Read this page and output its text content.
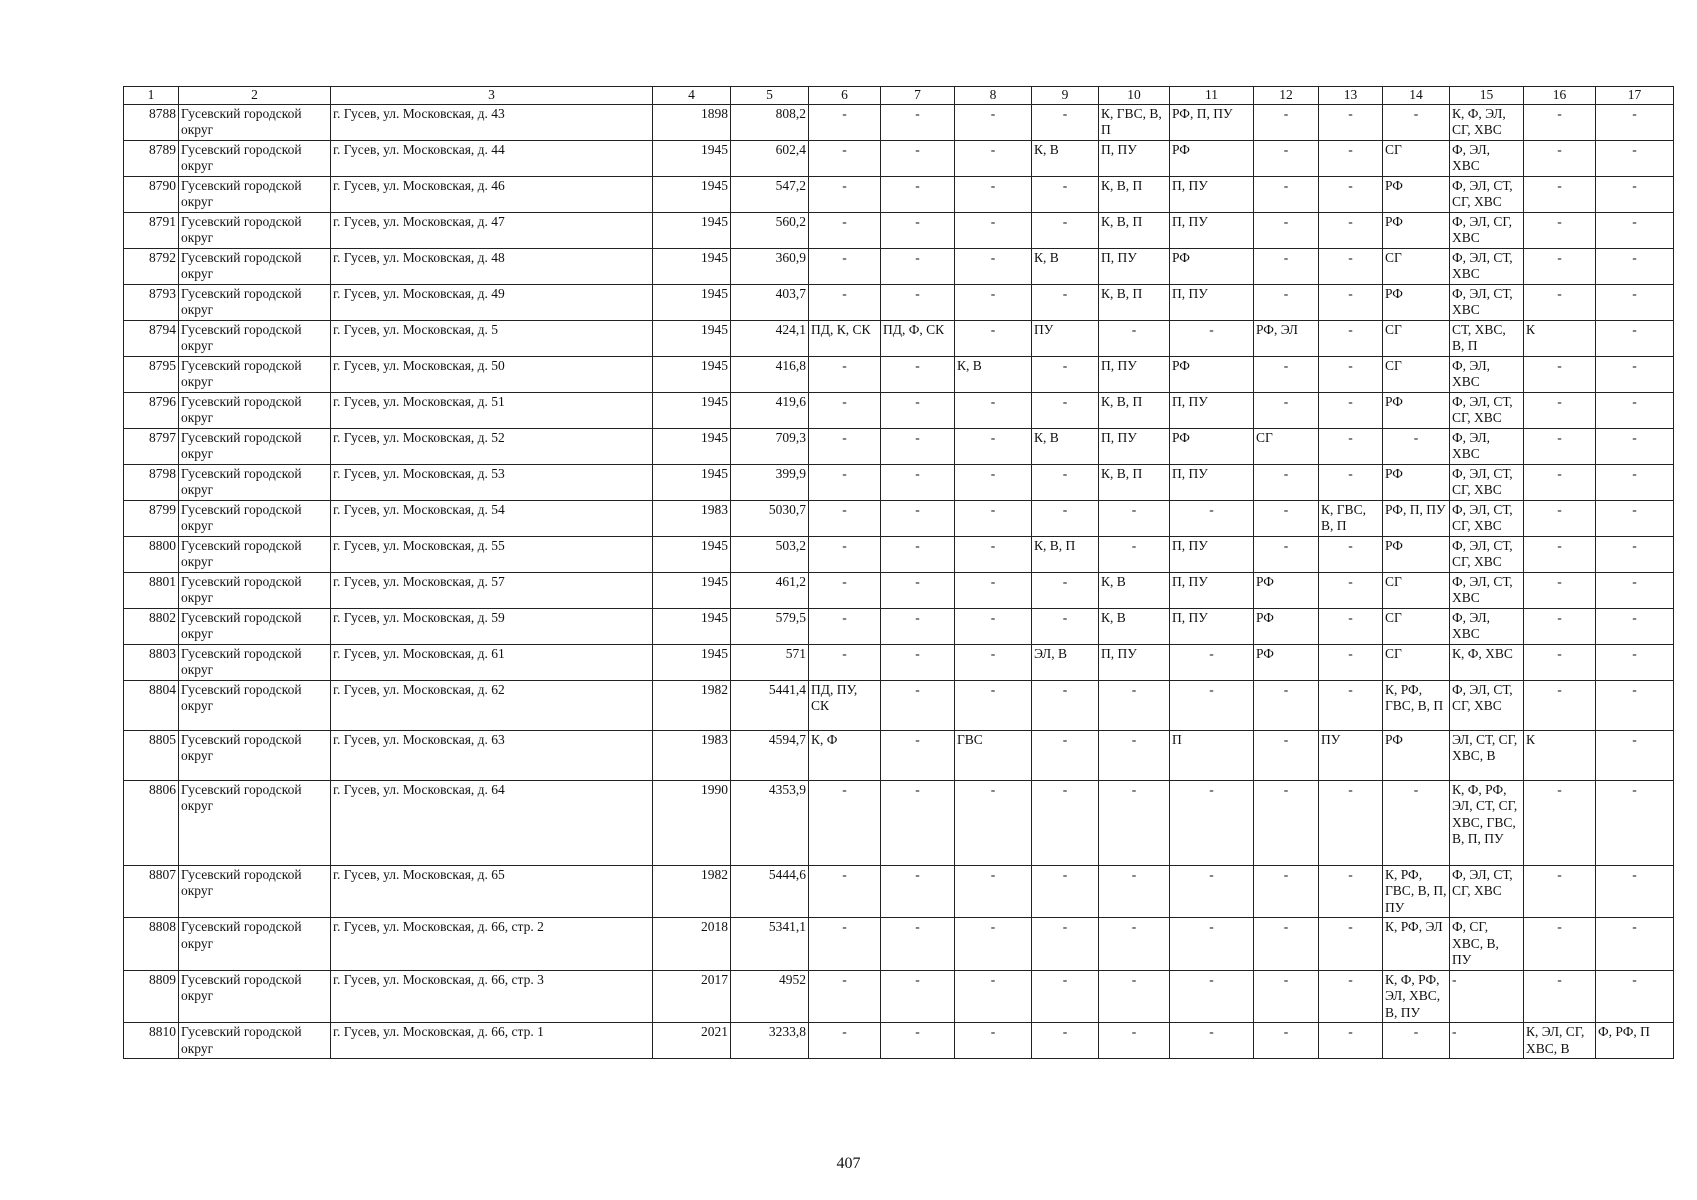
1	2	3	4	5	6	7	8	9	10	11	12	13	14	15	16	17
8788	Гусевский городской округ	г. Гусев, ул. Московская, д. 43	1898	808,2	-	-	-	-	К, ГВС, В, П	РФ, П, ПУ	-	-	-	К, Ф, ЭЛ, СГ, ХВС	-	-
8789	Гусевский городской округ	г. Гусев, ул. Московская, д. 44	1945	602,4	-	-	-	К, В	П, ПУ	РФ	-	-	СГ	Ф, ЭЛ, ХВС	-	-
8790	Гусевский городской округ	г. Гусев, ул. Московская, д. 46	1945	547,2	-	-	-	-	К, В, П	П, ПУ	-	-	РФ	Ф, ЭЛ, СТ, СГ, ХВС	-	-
8791	Гусевский городской округ	г. Гусев, ул. Московская, д. 47	1945	560,2	-	-	-	-	К, В, П	П, ПУ	-	-	РФ	Ф, ЭЛ, СГ, ХВС	-	-
8792	Гусевский городской округ	г. Гусев, ул. Московская, д. 48	1945	360,9	-	-	-	К, В	П, ПУ	РФ	-	-	СГ	Ф, ЭЛ, СТ, ХВС	-	-
8793	Гусевский городской округ	г. Гусев, ул. Московская, д. 49	1945	403,7	-	-	-	-	К, В, П	П, ПУ	-	-	РФ	Ф, ЭЛ, СТ, ХВС	-	-
8794	Гусевский городской округ	г. Гусев, ул. Московская, д. 5	1945	424,1	ПД, К, СК	ПД, Ф, СК	-	ПУ	-	-	РФ, ЭЛ	-	СГ	СТ, ХВС, В, П	К	-
8795	Гусевский городской округ	г. Гусев, ул. Московская, д. 50	1945	416,8	-	-	К, В	-	П, ПУ	РФ	-	-	СГ	Ф, ЭЛ, ХВС	-	-
8796	Гусевский городской округ	г. Гусев, ул. Московская, д. 51	1945	419,6	-	-	-	-	К, В, П	П, ПУ	-	-	РФ	Ф, ЭЛ, СТ, СГ, ХВС	-	-
8797	Гусевский городской округ	г. Гусев, ул. Московская, д. 52	1945	709,3	-	-	-	К, В	П, ПУ	РФ	СГ	-	-	Ф, ЭЛ, ХВС	-	-
8798	Гусевский городской округ	г. Гусев, ул. Московская, д. 53	1945	399,9	-	-	-	-	К, В, П	П, ПУ	-	-	РФ	Ф, ЭЛ, СТ, СГ, ХВС	-	-
8799	Гусевский городской округ	г. Гусев, ул. Московская, д. 54	1983	5030,7	-	-	-	-	-	-	-	К, ГВС, В, П	РФ, П, ПУ	Ф, ЭЛ, СТ, СГ, ХВС	-	-
8800	Гусевский городской округ	г. Гусев, ул. Московская, д. 55	1945	503,2	-	-	-	К, В, П	-	П, ПУ	-	-	РФ	Ф, ЭЛ, СТ, СГ, ХВС	-	-
8801	Гусевский городской округ	г. Гусев, ул. Московская, д. 57	1945	461,2	-	-	-	-	К, В	П, ПУ	РФ	-	СГ	Ф, ЭЛ, СТ, ХВС	-	-
8802	Гусевский городской округ	г. Гусев, ул. Московская, д. 59	1945	579,5	-	-	-	-	К, В	П, ПУ	РФ	-	СГ	Ф, ЭЛ, ХВС	-	-
8803	Гусевский городской округ	г. Гусев, ул. Московская, д. 61	1945	571	-	-	-	ЭЛ, В	П, ПУ	-	РФ	-	СГ	К, Ф, ХВС	-	-
8804	Гусевский городской округ	г. Гусев, ул. Московская, д. 62	1982	5441,4	ПД, ПУ, СК	-	-	-	-	-	-	-	К, РФ, ГВС, В, П	Ф, ЭЛ, СТ, СГ, ХВС	-	-
8805	Гусевский городской округ	г. Гусев, ул. Московская, д. 63	1983	4594,7	К, Ф	-	ГВС	-	-	П	-	ПУ	РФ	ЭЛ, СТ, СГ, ХВС, В	К	-
8806	Гусевский городской округ	г. Гусев, ул. Московская, д. 64	1990	4353,9	-	-	-	-	-	-	-	-	-	К, Ф, РФ, ЭЛ, СТ, СГ, ХВС, ГВС, В, П, ПУ	-	-
8807	Гусевский городской округ	г. Гусев, ул. Московская, д. 65	1982	5444,6	-	-	-	-	-	-	-	-	К, РФ, ГВС, В, П, ПУ	Ф, ЭЛ, СТ, СГ, ХВС	-	-
8808	Гусевский городской округ	г. Гусев, ул. Московская, д. 66, стр. 2	2018	5341,1	-	-	-	-	-	-	-	-	К, РФ, ЭЛ	Ф, СГ, ХВС, В, ПУ	-	-
8809	Гусевский городской округ	г. Гусев, ул. Московская, д. 66, стр. 3	2017	4952	-	-	-	-	-	-	-	-	К, Ф, РФ, ЭЛ, ХВС, В, ПУ	-	-	-
8810	Гусевский городской округ	г. Гусев, ул. Московская, д. 66, стр. 1	2021	3233,8	-	-	-	-	-	-	-	-	-	-	К, ЭЛ, СГ, ХВС, В	Ф, РФ, П
407
